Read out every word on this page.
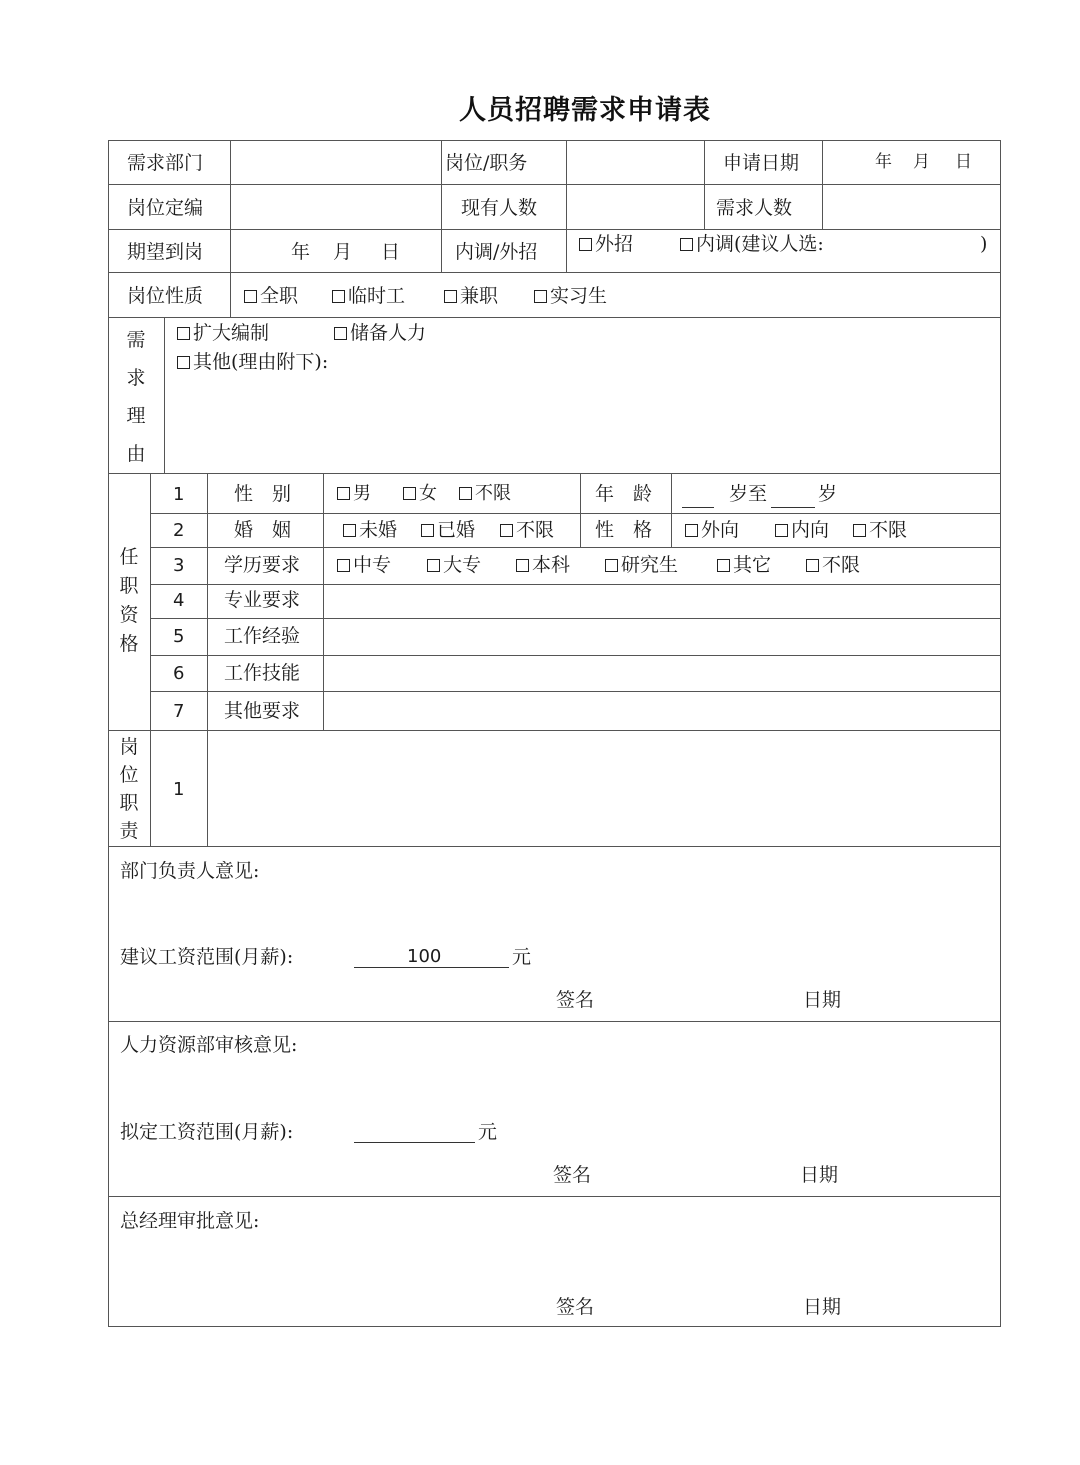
人员招聘需求申请表
需求部门	岗位/职务	申请日期	年 月 日
岗位定编	现有人数	需求人数
期望到岗	年 月 日	内调/外招	外招	内调(建议人选:	)
岗位性质	全职	临时工	兼职	实习生
需
求
理
由
扩大编制	储备人力
其他(理由附下):
任
职
资
格
1	性　别	男	女	不限	年　龄	岁至	岁
2	婚　姻	未婚	已婚	不限 性　格	外向	内向	不限
3 学历要求	中专	大专	本科	研究生	其它	不限
4 专业要求
5 工作经验
6 工作技能
7 其他要求
岗
位
职
责
1
部门负责人意见:
建议工资范围(月薪):	100	元
签名	日期
人力资源部审核意见:
拟定工资范围(月薪):	元
签名	日期
总经理审批意见:
签名	日期
